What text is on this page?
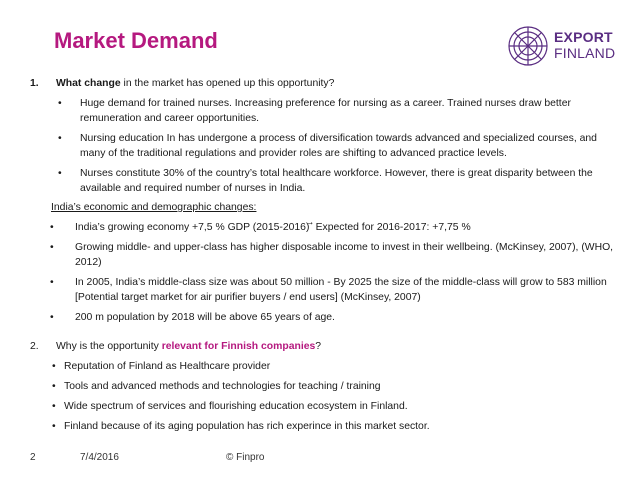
Market Demand	EXPORT
FINLAND
1.	What change in the market has opened up this opportunity?
• Huge demand for trained nurses. Increasing preference for nursing as a career. Trained nurses draw better remuneration and career opportunities.
• Nursing education In has undergone a process of diversification towards advanced and specialized courses, and many of the traditional regulations and provider roles are shifting to advanced practice levels.
• Nurses constitute 30% of the country’s total healthcare workforce. However, there is great disparity between the available and required number of nurses in India.
India’s economic and demographic changes:
• India’s growing economy +7,5 % GDP (2015-2016) ⃗ Expected for 2016-2017: +7,75 %
• Growing middle- and upper-class has higher disposable income to invest in their wellbeing. (McKinsey, 2007), (WHO, 2012)
• In 2005, India’s middle-class size was about 50 million - By 2025 the size of the middle-class will grow to 583 million [Potential target market for air purifier buyers / end users] (McKinsey, 2007)
• 200 m population by 2018 will be above 65 years of age.
2.	Why is the opportunity relevant for Finnish companies?
• Reputation of Finland as Healthcare provider
• Tools and advanced methods and technologies for teaching / training
• Wide spectrum of services and flourishing education ecosystem in Finland.
• Finland because of its aging population has rich experince in this market sector.
2	7/4/2016	© Finpro
